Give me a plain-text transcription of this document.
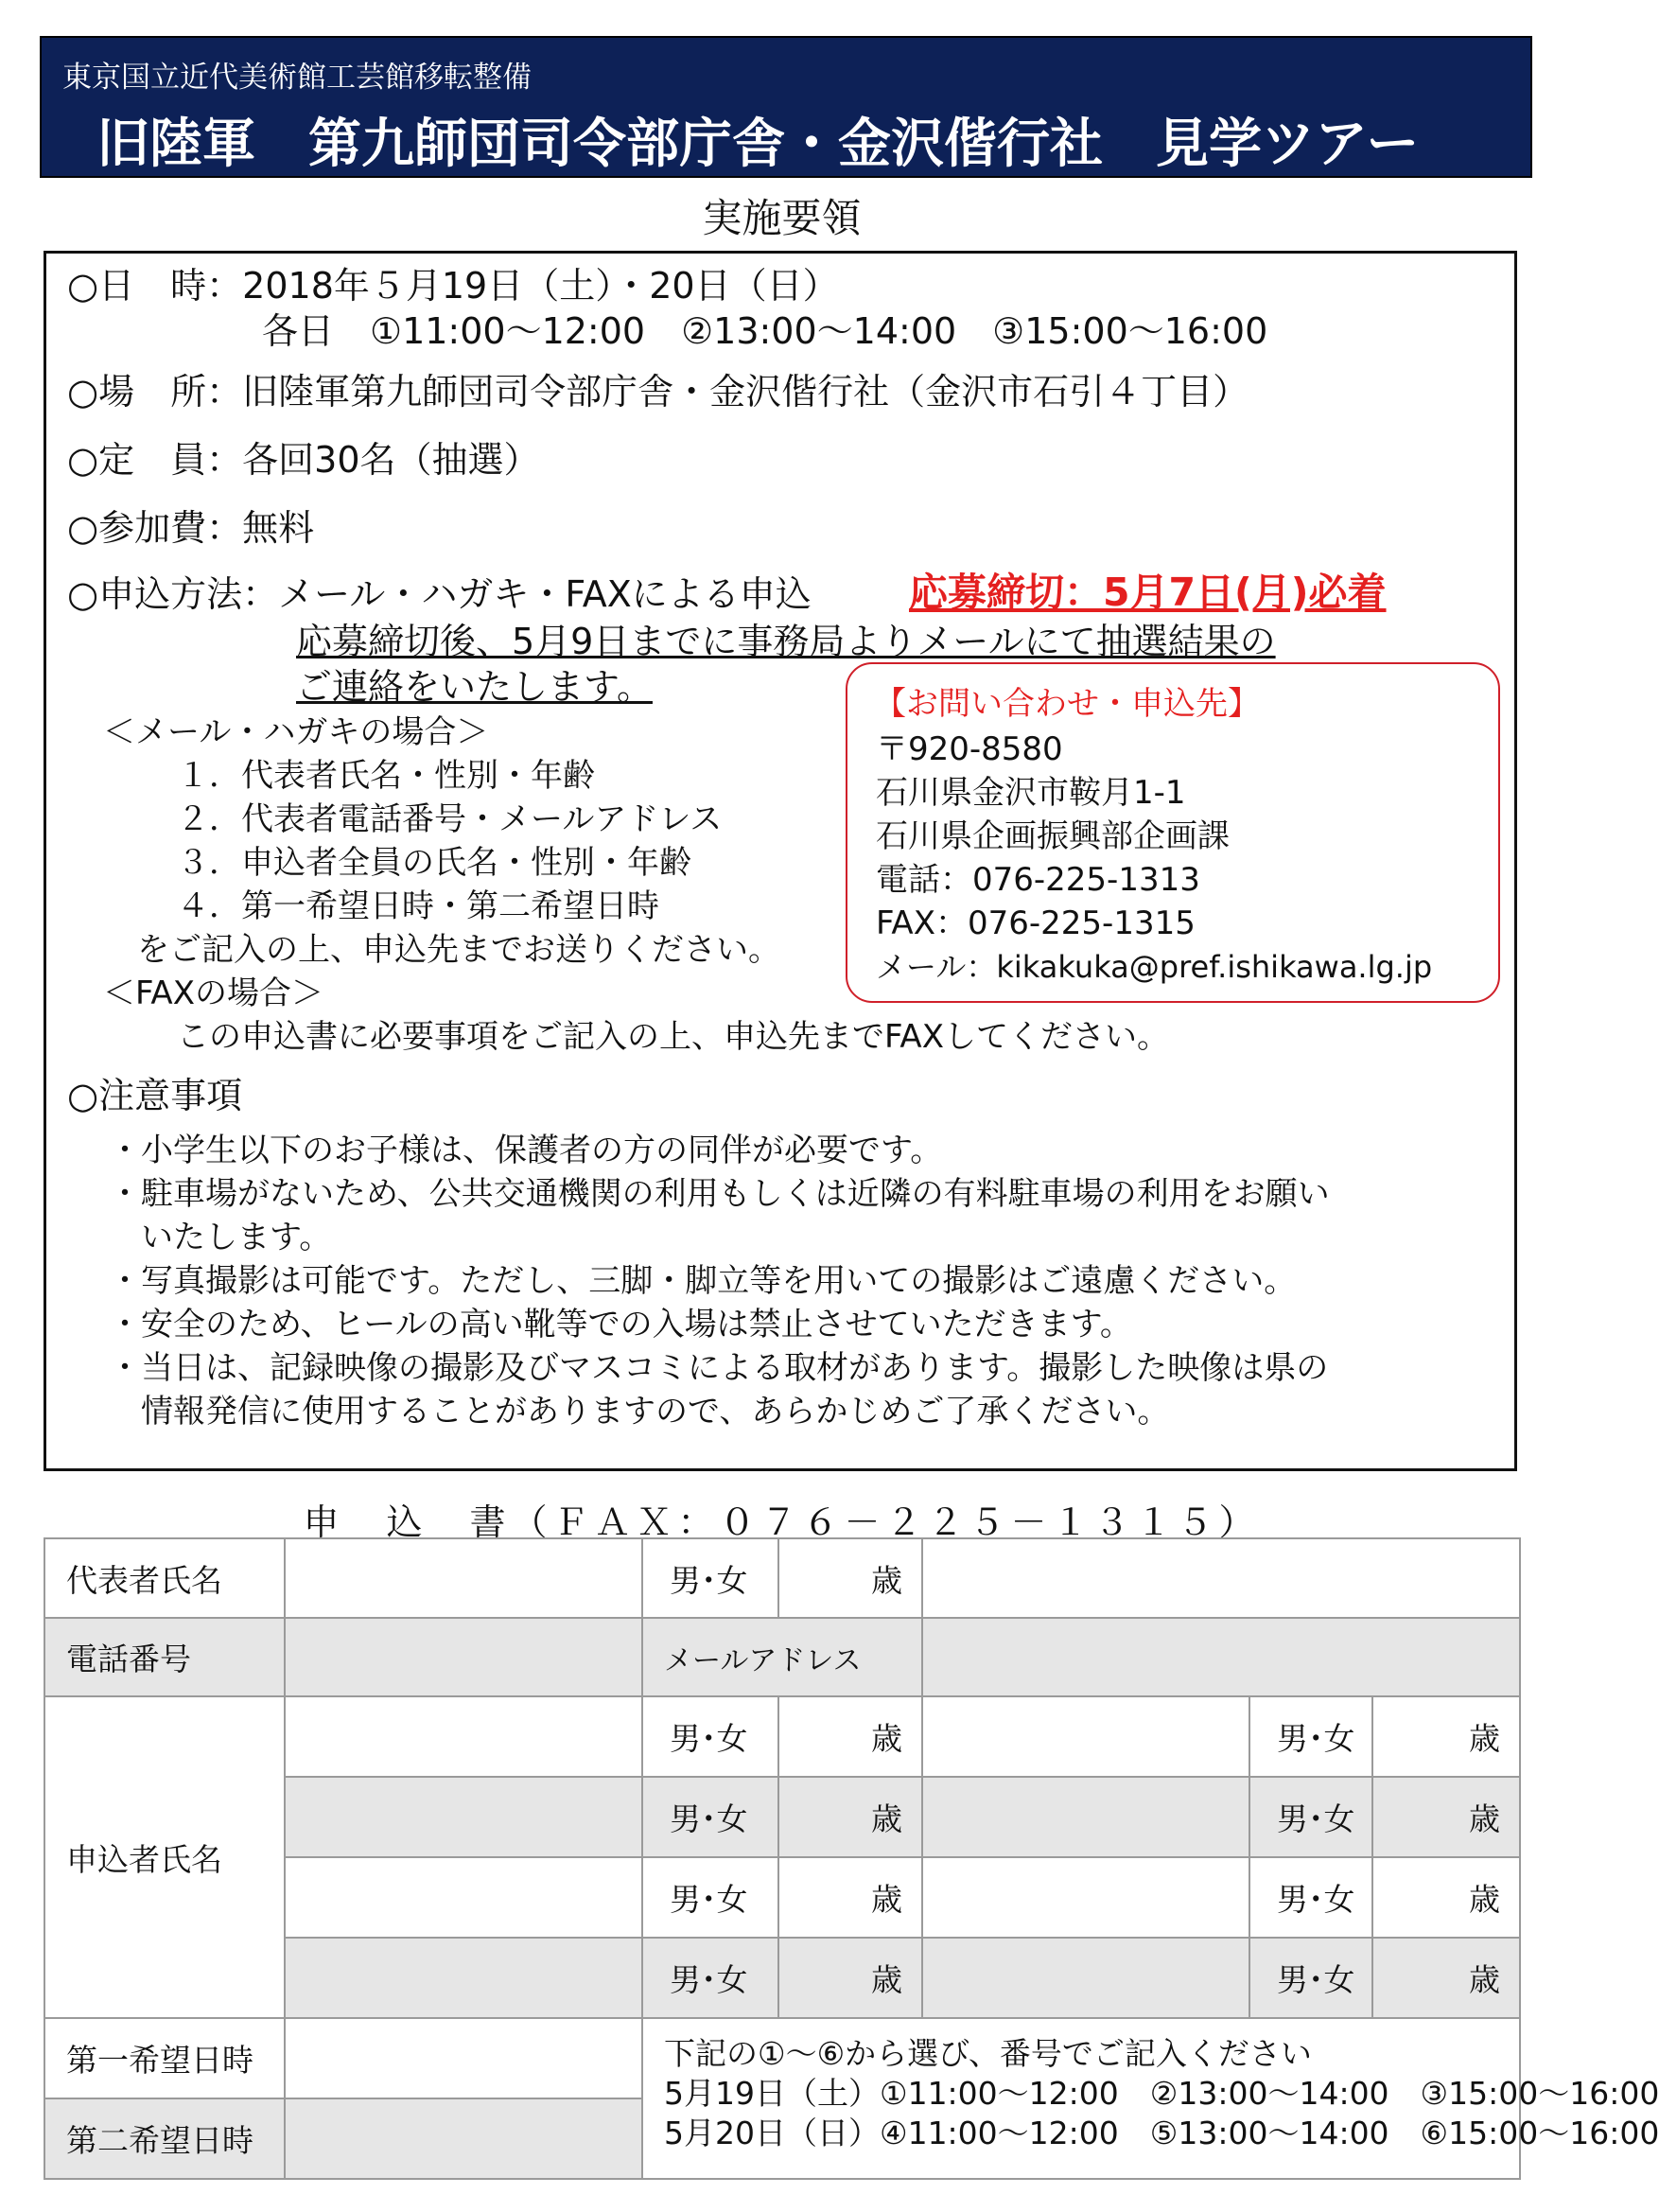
東京国立近代美術館工芸館移転整備
旧陸軍　第九師団司令部庁舎・金沢偕行社　見学ツアー
実施要領
○日　時：2018年５月19日（土）・20日（日）
各日　①11:00～12:00　②13:00～14:00　③15:00～16:00
○場　所：旧陸軍第九師団司令部庁舎・金沢偕行社（金沢市石引４丁目）
○定　員：各回30名（抽選）
○参加費：無料
○申込方法：メール・ハガキ・FAXによる申込	応募締切：5月7日(月)必着
応募締切後、5月9日までに事務局よりメールにて抽選結果の
ご連絡をいたします。
＜メール・ハガキの場合＞
１．代表者氏名・性別・年齢
２．代表者電話番号・メールアドレス
３．申込者全員の氏名・性別・年齢
４．第一希望日時・第二希望日時
をご記入の上、申込先までお送りください。
＜FAXの場合＞
この申込書に必要事項をご記入の上、申込先までFAXしてください。
○注意事項
・小学生以下のお子様は、保護者の方の同伴が必要です。
・駐車場がないため、公共交通機関の利用もしくは近隣の有料駐車場の利用をお願い
　いたします。
・写真撮影は可能です。ただし、三脚・脚立等を用いての撮影はご遠慮ください。
・安全のため、ヒールの高い靴等での入場は禁止させていただきます。
・当日は、記録映像の撮影及びマスコミによる取材があります。撮影した映像は県の
　情報発信に使用することがありますので、あらかじめご了承ください。
【お問い合わせ・申込先】
〒920-8580
石川県金沢市鞍月1-1
石川県企画振興部企画課
電話：076-225-1313
FAX：076-225-1315
メール：kikakuka@pref.ishikawa.lg.jp
申　込　書（ＦＡＸ：０７６－２２５－１３１５）
代表者氏名		男･女	歳			
電話番号		メールアドレス				
申込者氏名		男･女	歳		男･女	歳
		男･女	歳		男･女	歳
		男･女	歳		男･女	歳
		男･女	歳		男･女	歳
第一希望日時		下記の①～⑥から選び、番号でご記入ください
5月19日（土）①11:00～12:00　②13:00～14:00　③15:00～16:00
5月20日（日）④11:00～12:00　⑤13:00～14:00　⑥15:00～16:00				

第二希望日時						
